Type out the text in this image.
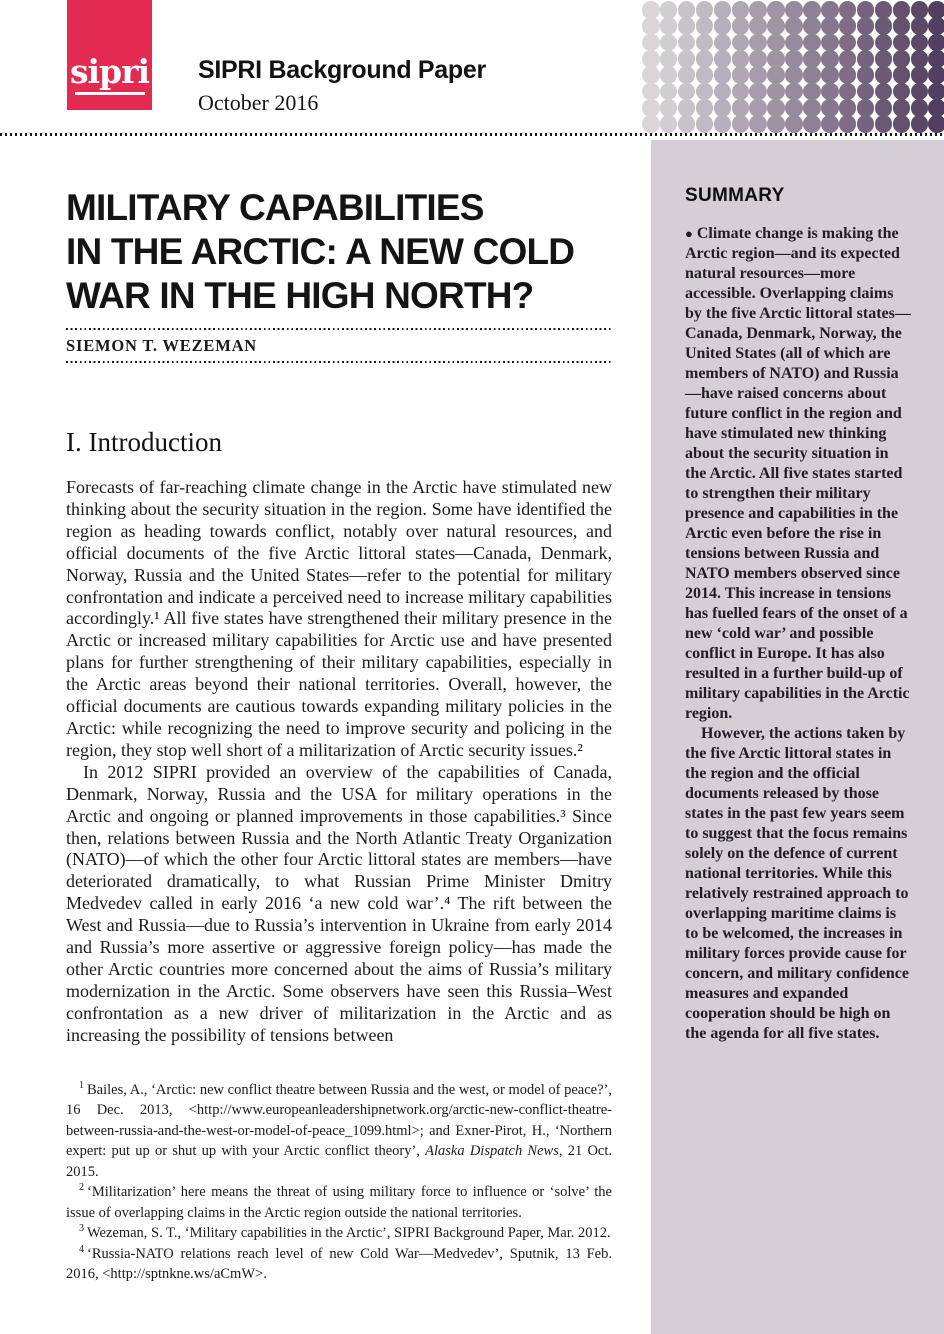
sipri SIPRI Background Paper
October 2016
SUMMARY

● Climate change is making the Arctic region—and its expected natural resources—more accessible. Overlapping claims by the five Arctic littoral states—Canada, Denmark, Norway, the United States (all of which are members of NATO) and Russia—have raised concerns about future conflict in the region and have stimulated new thinking about the security situation in the Arctic. All five states started to strengthen their military presence and capabilities in the Arctic even before the rise in tensions between Russia and NATO members observed since 2014. This increase in tensions has fuelled fears of the onset of a new ‘cold war’ and possible conflict in Europe. It has also resulted in a further build-up of military capabilities in the Arctic region.

However, the actions taken by the five Arctic littoral states in the region and the official documents released by those states in the past few years seem to suggest that the focus remains solely on the defence of current national territories. While this relatively restrained approach to overlapping maritime claims is to be welcomed, the increases in military forces provide cause for concern, and military confidence measures and expanded cooperation should be high on the agenda for all five states.

MILITARY CAPABILITIES
IN THE ARCTIC: A NEW COLD
WAR IN THE HIGH NORTH?
SIEMON T. WEZEMAN
I. Introduction

Forecasts of far-reaching climate change in the Arctic have stimulated new thinking about the security situation in the region. Some have identified the region as heading towards conflict, notably over natural resources, and official documents of the five Arctic littoral states—Canada, Denmark, Norway, Russia and the United States—refer to the potential for military confrontation and indicate a perceived need to increase military capabilities accordingly.¹ All five states have strengthened their military presence in the Arctic or increased military capabilities for Arctic use and have presented plans for further strengthening of their military capabilities, especially in the Arctic areas beyond their national territories. Overall, however, the official documents are cautious towards expanding military policies in the Arctic: while recognizing the need to improve security and policing in the region, they stop well short of a militarization of Arctic security issues.²

In 2012 SIPRI provided an overview of the capabilities of Canada, Denmark, Norway, Russia and the USA for military operations in the Arctic and ongoing or planned improvements in those capabilities.³ Since then, relations between Russia and the North Atlantic Treaty Organization (NATO)—of which the other four Arctic littoral states are members—have deteriorated dramatically, to what Russian Prime Minister Dmitry Medvedev called in early 2016 ‘a new cold war’.⁴ The rift between the West and Russia—due to Russia’s intervention in Ukraine from early 2014 and Russia’s more assertive or aggressive foreign policy—has made the other Arctic countries more concerned about the aims of Russia’s military modernization in the Arctic. Some observers have seen this Russia–West confrontation as a new driver of militarization in the Arctic and as increasing the possibility of tensions between

$^1$ Bailes, A., ‘Arctic: new conflict theatre between Russia and the west, or model of peace?’, 16 Dec. 2013, <http://www.europeanleadershipnetwork.org/arctic-new-conflict-theatre-between-russia-and-the-west-or-model-of-peace_1099.html>; and Exner-Pirot, H., ‘Northern expert: put up or shut up with your Arctic conflict theory’, Alaska Dispatch News, 21 Oct. 2015.

$^2$ ‘Militarization’ here means the threat of using military force to influence or ‘solve’ the issue of overlapping claims in the Arctic region outside the national territories.

$^3$ Wezeman, S. T., ‘Military capabilities in the Arctic’, SIPRI Background Paper, Mar. 2012.

$^4$ ‘Russia-NATO relations reach level of new Cold War—Medvedev’, Sputnik, 13 Feb. 2016, <http://sptnkne.ws/aCmW>.
